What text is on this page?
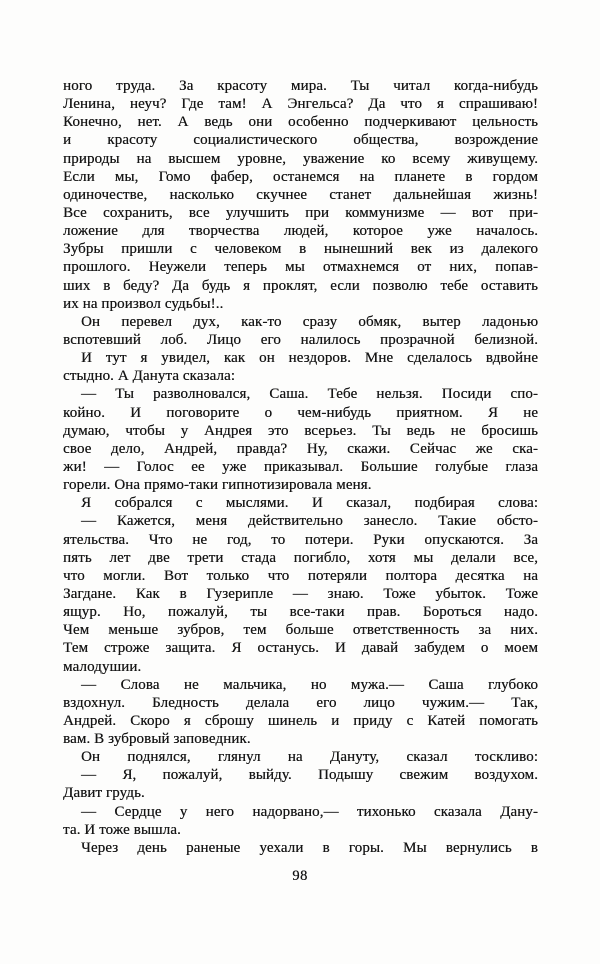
ного труда. За красоту мира. Ты читал когда-нибудь
Ленина, неуч? Где там! А Энгельса? Да что я спрашиваю!
Конечно, нет. А ведь они особенно подчеркивают цельность
и красоту социалистического общества, возрождение
природы на высшем уровне, уважение ко всему живущему.
Если мы, Гомо фабер, останемся на планете в гордом
одиночестве, насколько скучнее станет дальнейшая жизнь!
Все сохранить, все улучшить при коммунизме — вот при-
ложение для творчества людей, которое уже началось.
Зубры пришли с человеком в нынешний век из далекого
прошлого. Неужели теперь мы отмахнемся от них, попав-
ших в беду? Да будь я проклят, если позволю тебе оставить
их на произвол судьбы!..
Он перевел дух, как-то сразу обмяк, вытер ладонью
вспотевший лоб. Лицо его налилось прозрачной белизной.
И тут я увидел, как он нездоров. Мне сделалось вдвойне
стыдно. А Данута сказала:
— Ты разволновался, Саша. Тебе нельзя. Посиди спо-
койно. И поговорите о чем-нибудь приятном. Я не
думаю, чтобы у Андрея это всерьез. Ты ведь не бросишь
свое дело, Андрей, правда? Ну, скажи. Сейчас же ска-
жи! — Голос ее уже приказывал. Большие голубые глаза
горели. Она прямо-таки гипнотизировала меня.
Я собрался с мыслями. И сказал, подбирая слова:
— Кажется, меня действительно занесло. Такие обсто-
ятельства. Что не год, то потери. Руки опускаются. За
пять лет две трети стада погибло, хотя мы делали все,
что могли. Вот только что потеряли полтора десятка на
Загдане. Как в Гузерипле — знаю. Тоже убыток. Тоже
ящур. Но, пожалуй, ты все-таки прав. Бороться надо.
Чем меньше зубров, тем больше ответственность за них.
Тем строже защита. Я останусь. И давай забудем о моем
малодушии.
— Слова не мальчика, но мужа.— Саша глубоко
вздохнул. Бледность делала его лицо чужим.— Так,
Андрей. Скоро я сброшу шинель и приду с Катей помогать
вам. В зубровый заповедник.
Он поднялся, глянул на Дануту, сказал тоскливо:
— Я, пожалуй, выйду. Подышу свежим воздухом.
Давит грудь.
— Сердце у него надорвано,— тихонько сказала Дану-
та. И тоже вышла.
Через день раненые уехали в горы. Мы вернулись в
98
